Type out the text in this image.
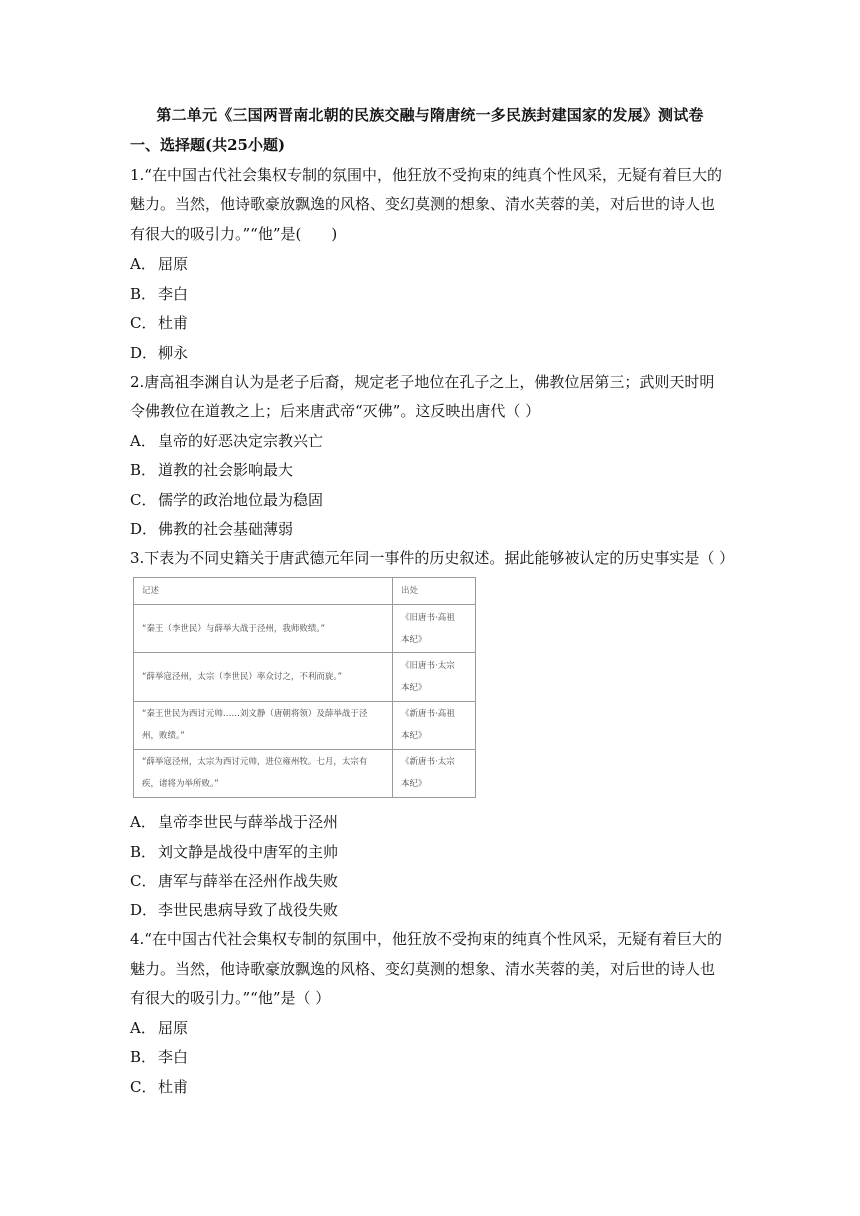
第二单元《三国两晋南北朝的民族交融与隋唐统一多民族封建国家的发展》测试卷
一、选择题(共25小题)
1.“在中国古代社会集权专制的氛围中，他狂放不受拘束的纯真个性风采，无疑有着巨大的
魅力。当然，他诗歌豪放飘逸的风格、变幻莫测的想象、清水芙蓉的美，对后世的诗人也
有很大的吸引力。”“他”是(　　)
A． 屈原
B． 李白
C． 杜甫
D．柳永
2.唐高祖李渊自认为是老子后裔，规定老子地位在孔子之上，佛教位居第三；武则天时明
令佛教位在道教之上；后来唐武帝“灭佛”。这反映出唐代（ ）
A． 皇帝的好恶决定宗教兴亡
B． 道教的社会影响最大
C． 儒学的政治地位最为稳固
D．佛教的社会基础薄弱
3.下表为不同史籍关于唐武德元年同一事件的历史叙述。据此能够被认定的历史事实是（ ）
记述	出处
“秦王（李世民）与薛举大战于泾州，我师败绩。”	《旧唐书·高祖
本纪》
“薛举寇泾州，太宗（李世民）率众讨之，不利而旋。”	《旧唐书·太宗
本纪》
“秦王世民为西讨元帅……刘文静（唐朝将领）及薛举战于泾
州，败绩。”	《新唐书·高祖
本纪》
“薛举寇泾州，太宗为西讨元帅，进位雍州牧。七月，太宗有
疾，诸将为举所败。”	《新唐书·太宗
本纪》
A． 皇帝李世民与薛举战于泾州
B． 刘文静是战役中唐军的主帅
C． 唐军与薛举在泾州作战失败
D．李世民患病导致了战役失败
4.“在中国古代社会集权专制的氛围中，他狂放不受拘束的纯真个性风采，无疑有着巨大的
魅力。当然，他诗歌豪放飘逸的风格、变幻莫测的想象、清水芙蓉的美，对后世的诗人也
有很大的吸引力。”“他”是（ ）
A． 屈原
B． 李白
C． 杜甫
